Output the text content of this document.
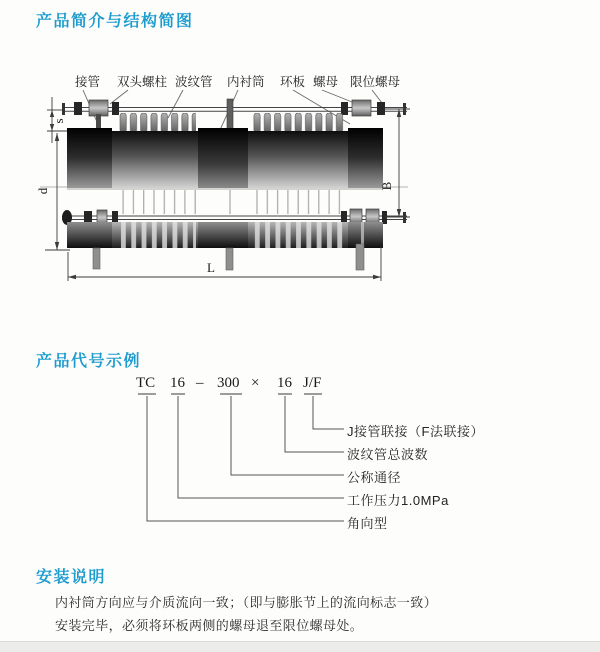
产品简介与结构简图
s
d
B
L
接管 双头螺柱 波纹管 内衬筒 环板 螺母 限位螺母
产品代号示例
TC 16 – 300 × 16 J/F
J接管联接（F法联接）
波纹管总波数
公称通径
工作压力1.0MPa
角向型
安装说明

内衬筒方向应与介质流向一致；（即与膨胀节上的流向标志一致）

安装完毕，必须将环板两侧的螺母退至限位螺母处。
